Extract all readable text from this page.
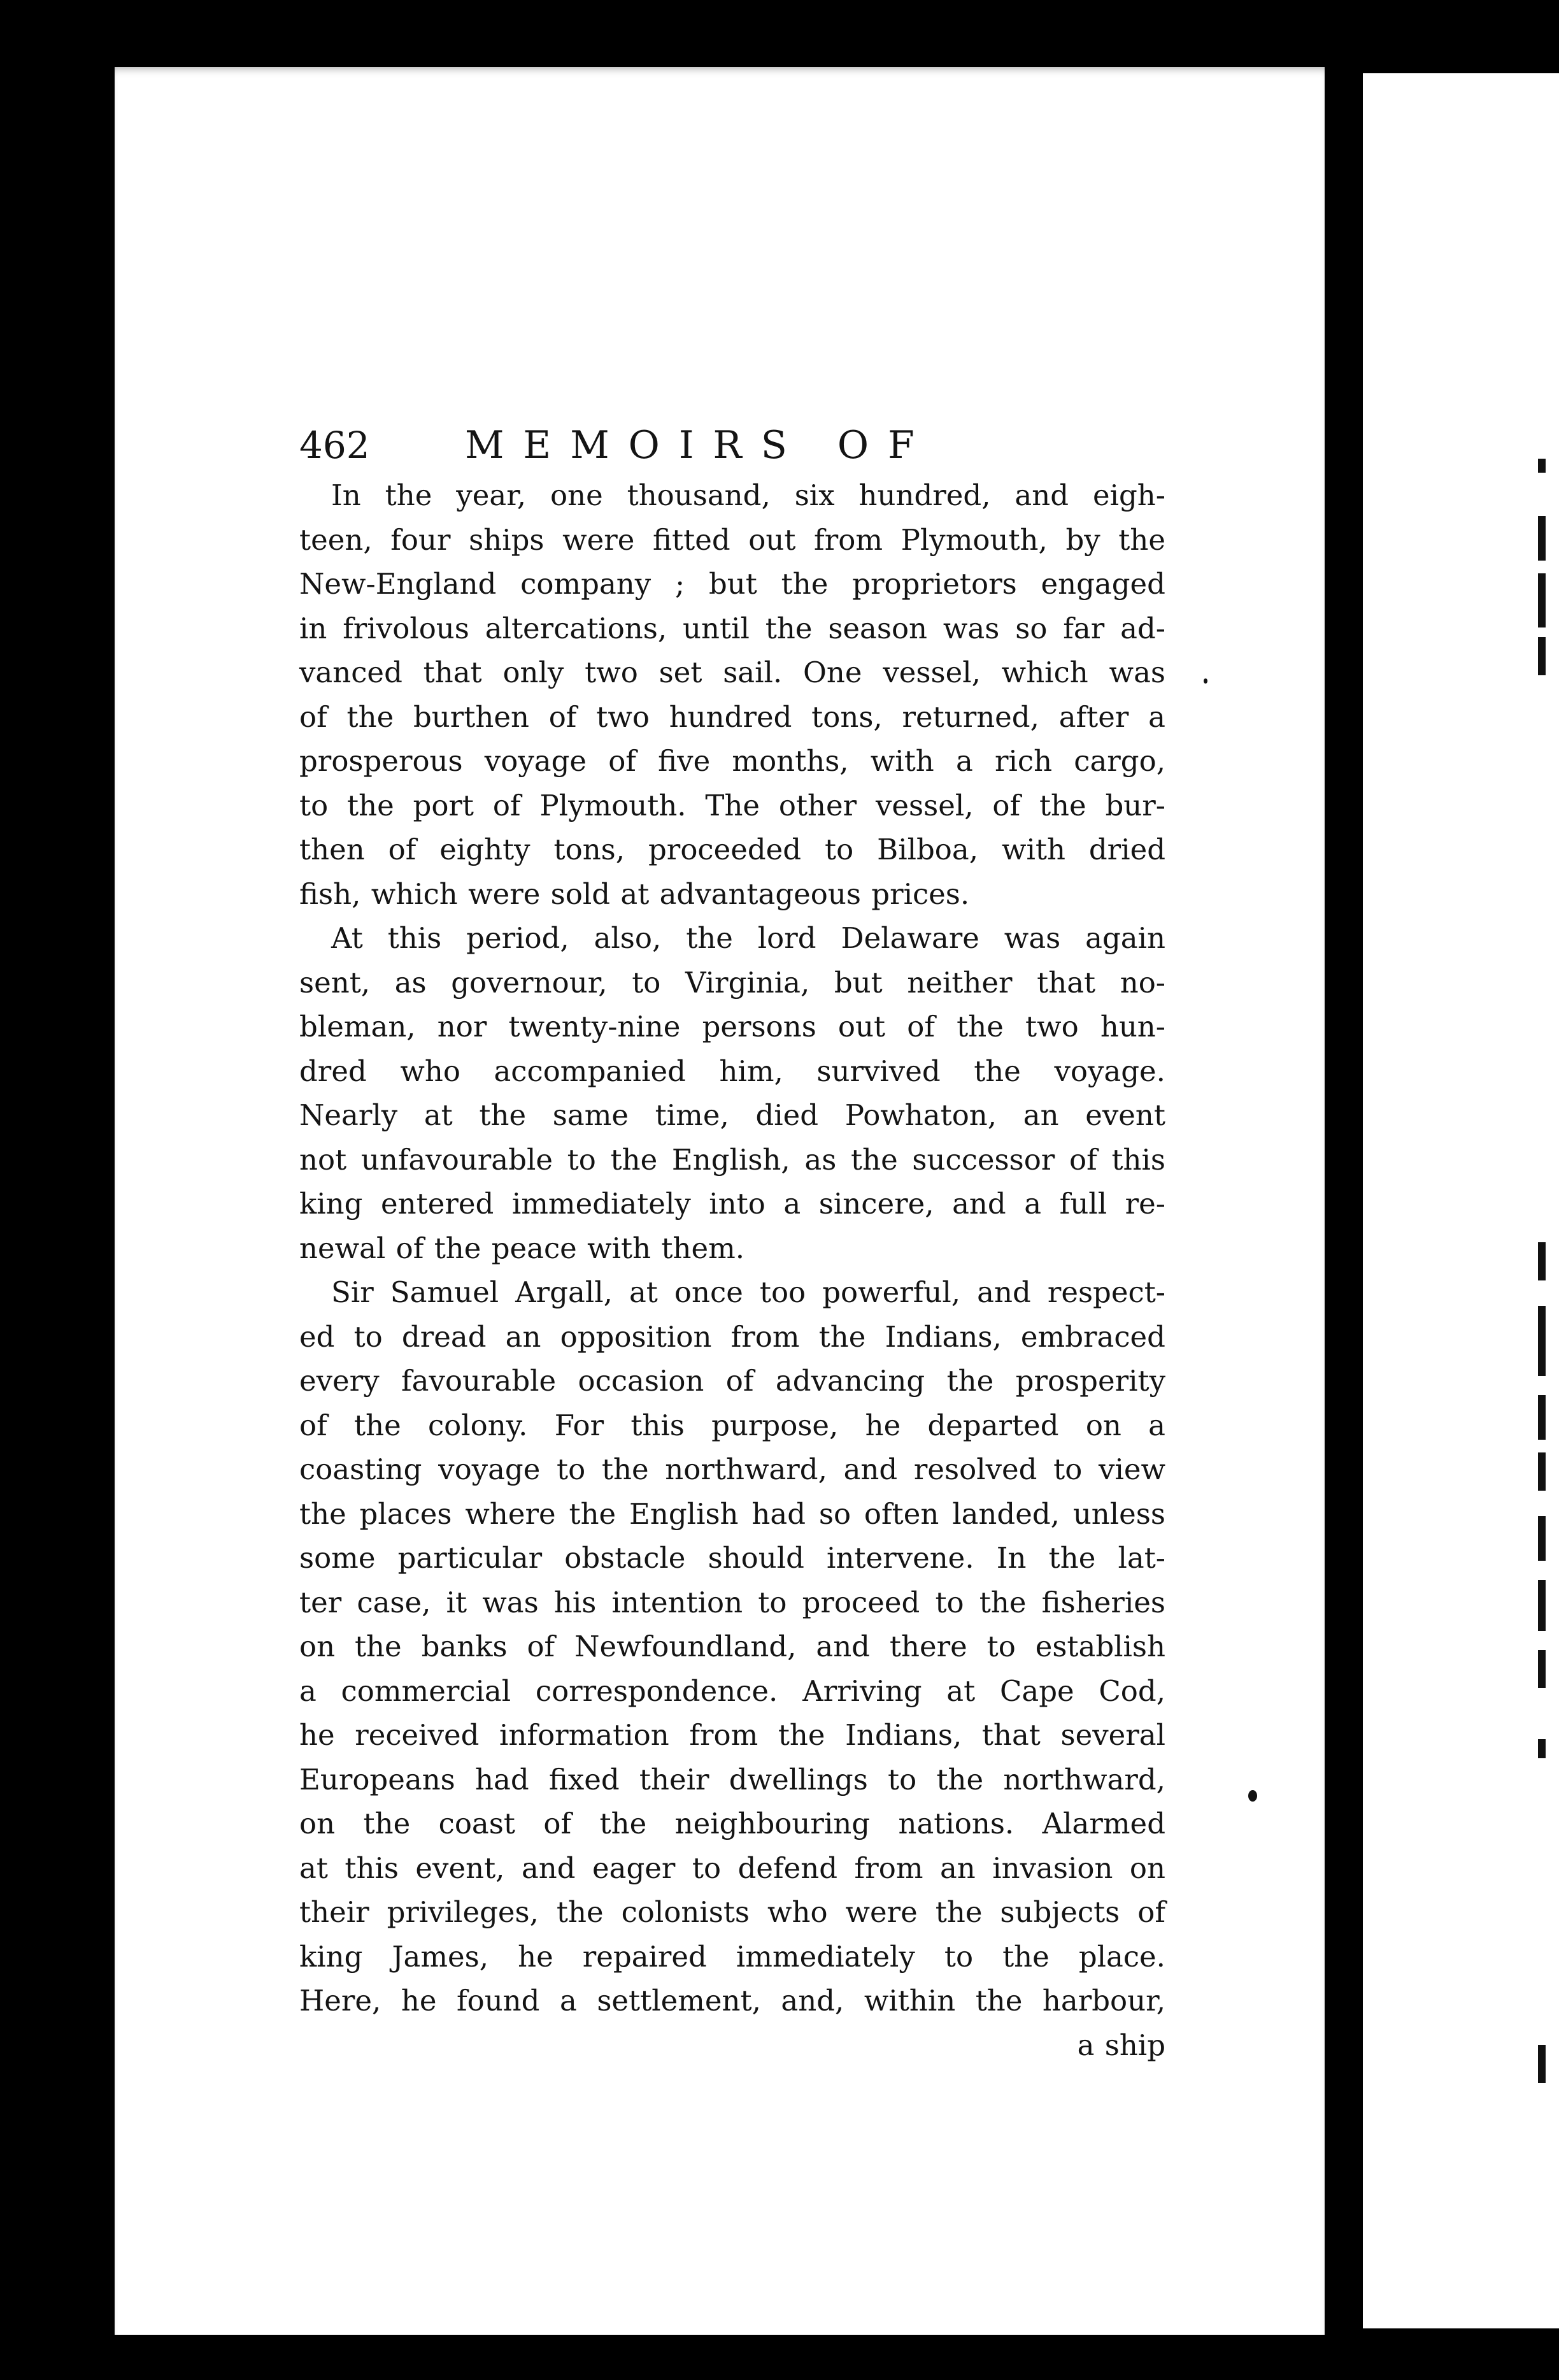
462 MEMOIRS OF
In the year, one thousand, six hundred, and eigh-
teen, four ships were fitted out from Plymouth, by the
New-England company ; but the proprietors engaged
in frivolous altercations, until the season was so far ad-
vanced that only two set sail. One vessel, which was
of the burthen of two hundred tons, returned, after a
prosperous voyage of five months, with a rich cargo,
to the port of Plymouth. The other vessel, of the bur-
then of eighty tons, proceeded to Bilboa, with dried
fish, which were sold at advantageous prices.
At this period, also, the lord Delaware was again
sent, as governour, to Virginia, but neither that no-
bleman, nor twenty-nine persons out of the two hun-
dred who accompanied him, survived the voyage.
Nearly at the same time, died Powhaton, an event
not unfavourable to the English, as the successor of this
king entered immediately into a sincere, and a full re-
newal of the peace with them.
Sir Samuel Argall, at once too powerful, and respect-
ed to dread an opposition from the Indians, embraced
every favourable occasion of advancing the prosperity
of the colony. For this purpose, he departed on a
coasting voyage to the northward, and resolved to view
the places where the English had so often landed, unless
some particular obstacle should intervene. In the lat-
ter case, it was his intention to proceed to the fisheries
on the banks of Newfoundland, and there to establish
a commercial correspondence. Arriving at Cape Cod,
he received information from the Indians, that several
Europeans had fixed their dwellings to the northward,
on the coast of the neighbouring nations. Alarmed
at this event, and eager to defend from an invasion on
their privileges, the colonists who were the subjects of
king James, he repaired immediately to the place.
Here, he found a settlement, and, within the harbour,
a ship
